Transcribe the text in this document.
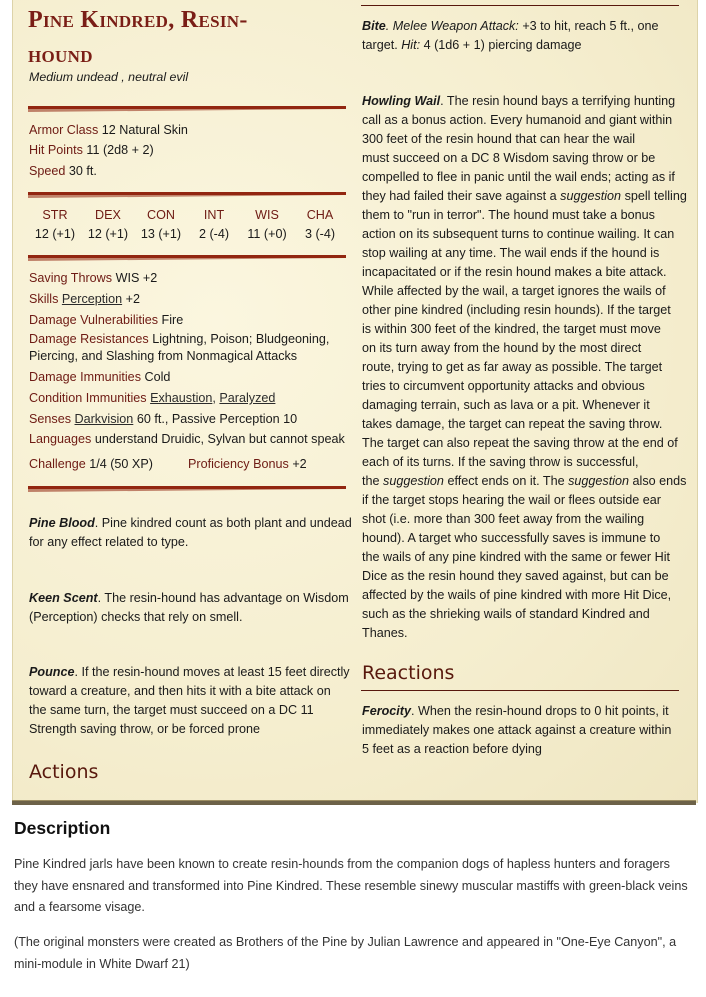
Pine Kindred, Resin-
hound
Medium undead , neutral evil
Armor Class 12 Natural Skin
Hit Points 11 (2d8 + 2)
Speed 30 ft.
STR
12 (+1)
DEX
12 (+1)
CON
13 (+1)
INT
2 (-4)
WIS
11 (+0)
CHA
3 (-4)
Saving Throws WIS +2
Skills Perception +2
Damage Vulnerabilities Fire
Damage Resistances Lightning, Poison; Bludgeoning,
Piercing, and Slashing from Nonmagical Attacks
Damage Immunities Cold
Condition Immunities Exhaustion, Paralyzed
Senses Darkvision 60 ft., Passive Perception 10
Languages understand Druidic, Sylvan but cannot speak
Challenge 1/4 (50 XP)	Proficiency Bonus +2
Pine Blood. Pine kindred count as both plant and undead
for any effect related to type.
Keen Scent. The resin-hound has advantage on Wisdom
(Perception) checks that rely on smell.
Pounce. If the resin-hound moves at least 15 feet directly
toward a creature, and then hits it with a bite attack on
the same turn, the target must succeed on a DC 11
Strength saving throw, or be forced prone
Actions
Bite. Melee Weapon Attack: +3 to hit, reach 5 ft., one
target. Hit: 4 (1d6 + 1) piercing damage
Howling Wail. The resin hound bays a terrifying hunting
call as a bonus action. Every humanoid and giant within
300 feet of the resin hound that can hear the wail
must succeed on a DC 8 Wisdom saving throw or be
compelled to flee in panic until the wail ends; acting as if
they had failed their save against a suggestion spell telling
them to "run in terror". The hound must take a bonus
action on its subsequent turns to continue wailing. It can
stop wailing at any time. The wail ends if the hound is
incapacitated or if the resin hound makes a bite attack.
While affected by the wail, a target ignores the wails of
other pine kindred (including resin hounds). If the target
is within 300 feet of the kindred, the target must move
on its turn away from the hound by the most direct
route, trying to get as far away as possible. The target
tries to circumvent opportunity attacks and obvious
damaging terrain, such as lava or a pit. Whenever it
takes damage, the target can repeat the saving throw.
The target can also repeat the saving throw at the end of
each of its turns. If the saving throw is successful,
the suggestion effect ends on it. The suggestion also ends
if the target stops hearing the wail or flees outside ear
shot (i.e. more than 300 feet away from the wailing
hound). A target who successfully saves is immune to
the wails of any pine kindred with the same or fewer Hit
Dice as the resin hound they saved against, but can be
affected by the wails of pine kindred with more Hit Dice,
such as the shrieking wails of standard Kindred and
Thanes.
Reactions
Ferocity. When the resin-hound drops to 0 hit points, it
immediately makes one attack against a creature within
5 feet as a reaction before dying
Description
Pine Kindred jarls have been known to create resin-hounds from the companion dogs of hapless hunters and foragers they have ensnared and transformed into Pine Kindred. These resemble sinewy muscular mastiffs with green-black veins and a fearsome visage.
(The original monsters were created as Brothers of the Pine by Julian Lawrence and appeared in "One-Eye Canyon", a mini-module in White Dwarf 21)
